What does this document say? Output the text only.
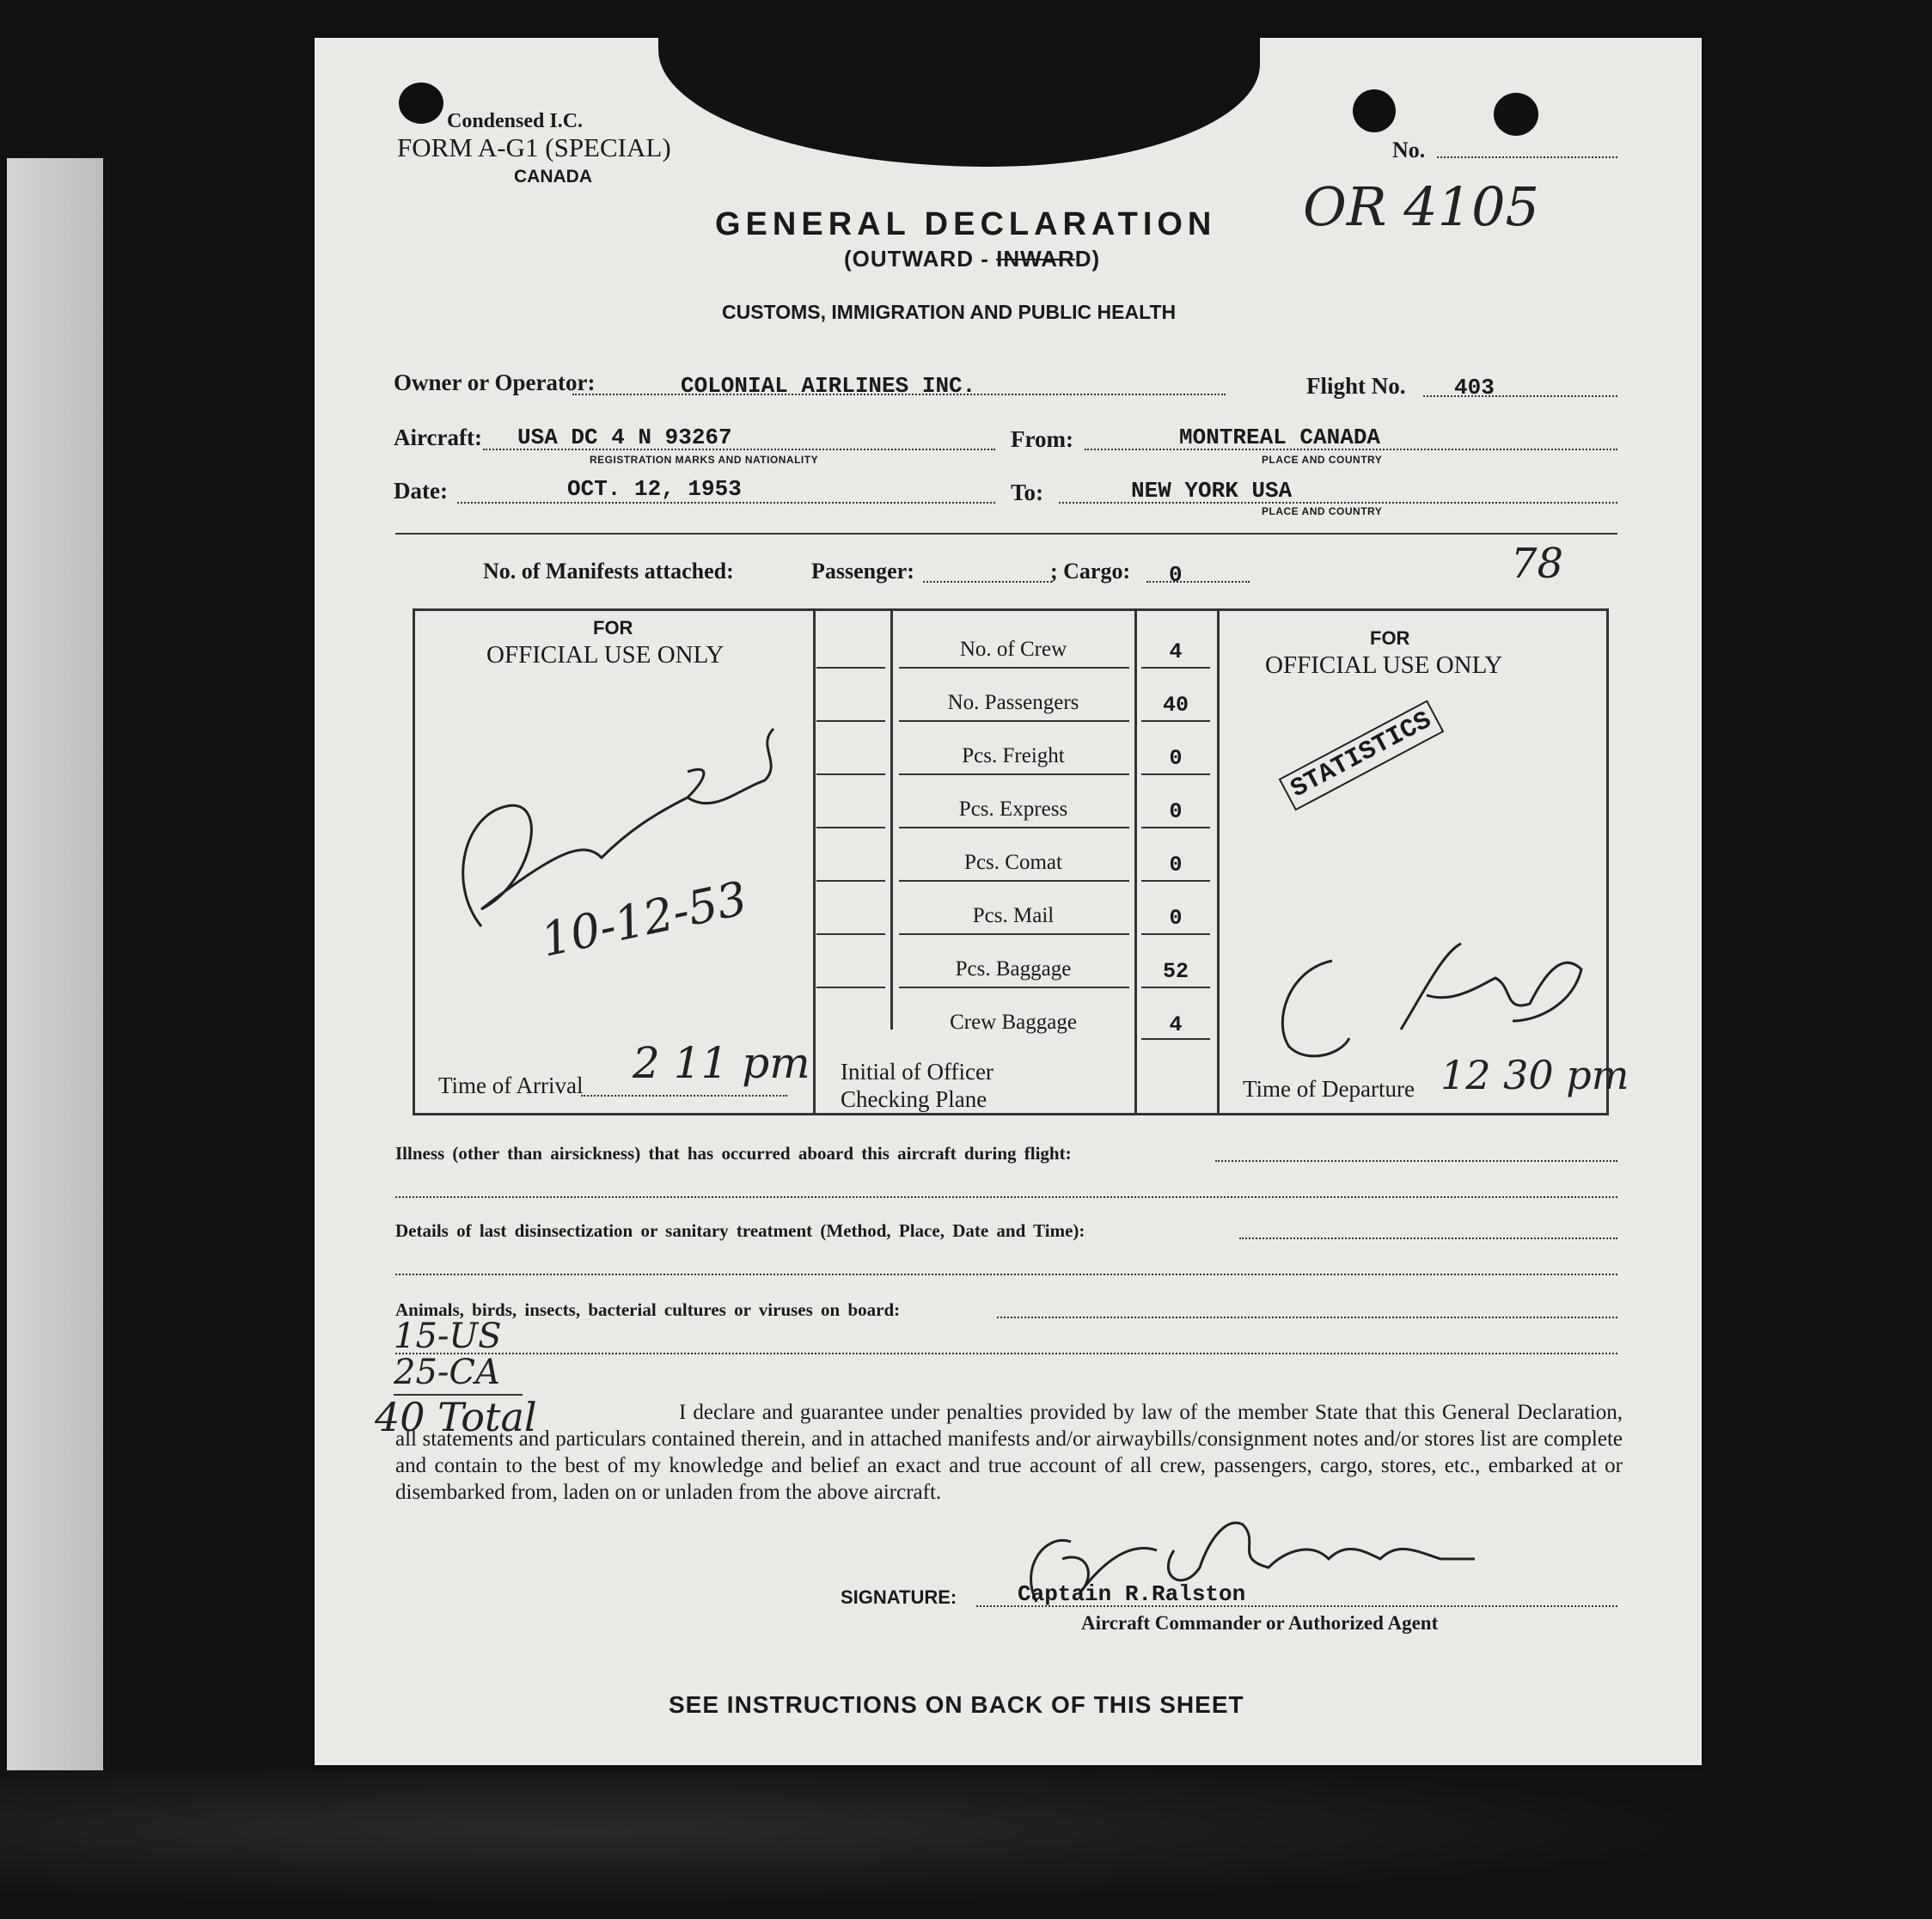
Condensed I.C.
FORM A-G1 (SPECIAL)
CANADA
No.
GENERAL DECLARATION OR 4105
(OUTWARD - INWARD)
CUSTOMS, IMMIGRATION AND PUBLIC HEALTH
Owner or Operator:	COLONIAL AIRLINES INC.	Flight No. 403
Aircraft: USA DC 4 N 93267
REGISTRATION MARKS AND NATIONALITY
From:	MONTREAL CANADA
PLACE AND COUNTRY
Date:	OCT. 12, 1953	To:	NEW YORK USA
PLACE AND COUNTRY
No. of Manifests attached:	Passenger:	; Cargo: 0	78
FOR
OFFICIAL USE ONLY
FOR
OFFICIAL USE ONLY
10-12-53
Time of Arrival 2 11 pm Initial of Officer
Checking Plane	Time of Departure 12 30 pm
STATISTICS
No. of Crew	4
No. Passengers	40
Pcs. Freight	0
Pcs. Express	0
Pcs. Comat	0
Pcs. Mail	0
Pcs. Baggage	52
Crew Baggage	4
Illness (other than airsickness) that has occurred aboard this aircraft during flight:
Details of last disinsectization or sanitary treatment (Method, Place, Date and Time):
Animals, birds, insects, bacterial cultures or viruses on board:
15-US
25-CA
40 Total	I declare and guarantee under penalties provided by law of the member State that this General Declaration, all statements and particulars contained therein, and in attached manifests and/or airwaybills/consignment notes and/or stores list are complete and contain to the best of my knowledge and belief an exact and true account of all crew, passengers, cargo, stores, etc., embarked at or disembarked from, laden on or unladen from the above aircraft.
SIGNATURE:	Captain R.Ralston
Aircraft Commander or Authorized Agent
SEE INSTRUCTIONS ON BACK OF THIS SHEET
